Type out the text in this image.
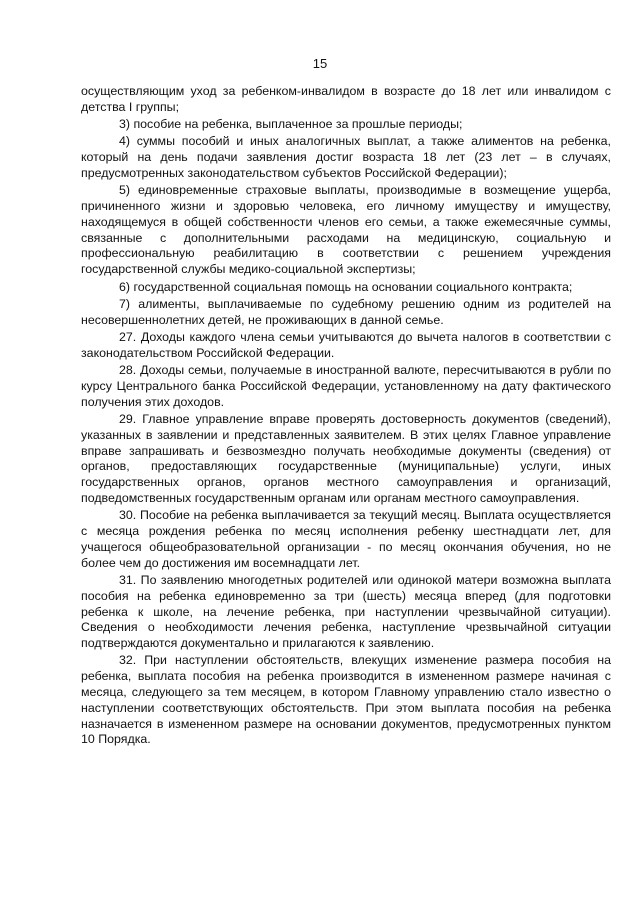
15

осуществляющим уход за ребенком-инвалидом в возрасте до 18 лет или инвалидом с детства I группы;

3) пособие на ребенка, выплаченное за прошлые периоды;

4) суммы пособий и иных аналогичных выплат, а также алиментов на ребенка, который на день подачи заявления достиг возраста 18 лет (23 лет – в случаях, предусмотренных законодательством субъектов Российской Федерации);

5) единовременные страховые выплаты, производимые в возмещение ущерба, причиненного жизни и здоровью человека, его личному имуществу и имуществу, находящемуся в общей собственности членов его семьи, а также ежемесячные суммы, связанные с дополнительными расходами на медицинскую, социальную и профессиональную реабилитацию в соответствии с решением учреждения государственной службы медико-социальной экспертизы;

6) государственной социальная помощь на основании социального контракта;

7) алименты, выплачиваемые по судебному решению одним из родителей на несовершеннолетних детей, не проживающих в данной семье.

27. Доходы каждого члена семьи учитываются до вычета налогов в соответствии с законодательством Российской Федерации.

28. Доходы семьи, получаемые в иностранной валюте, пересчитываются в рубли по курсу Центрального банка Российской Федерации, установленному на дату фактического получения этих доходов.

29. Главное управление вправе проверять достоверность документов (сведений), указанных в заявлении и представленных заявителем. В этих целях Главное управление вправе запрашивать и безвозмездно получать необходимые документы (сведения) от органов, предоставляющих государственные (муниципальные) услуги, иных государственных органов, органов местного самоуправления и организаций, подведомственных государственным органам или органам местного самоуправления.

30. Пособие на ребенка выплачивается за текущий месяц. Выплата осуществляется с месяца рождения ребенка по месяц исполнения ребенку шестнадцати лет, для учащегося общеобразовательной организации - по месяц окончания обучения, но не более чем до достижения им восемнадцати лет.

31. По заявлению многодетных родителей или одинокой матери возможна выплата пособия на ребенка единовременно за три (шесть) месяца вперед (для подготовки ребенка к школе, на лечение ребенка, при наступлении чрезвычайной ситуации). Сведения о необходимости лечения ребенка, наступление чрезвычайной ситуации подтверждаются документально и прилагаются к заявлению.

32. При наступлении обстоятельств, влекущих изменение размера пособия на ребенка, выплата пособия на ребенка производится в измененном размере начиная с месяца, следующего за тем месяцем, в котором Главному управлению стало известно о наступлении соответствующих обстоятельств. При этом выплата пособия на ребенка назначается в измененном размере на основании документов, предусмотренных пунктом 10 Порядка.
